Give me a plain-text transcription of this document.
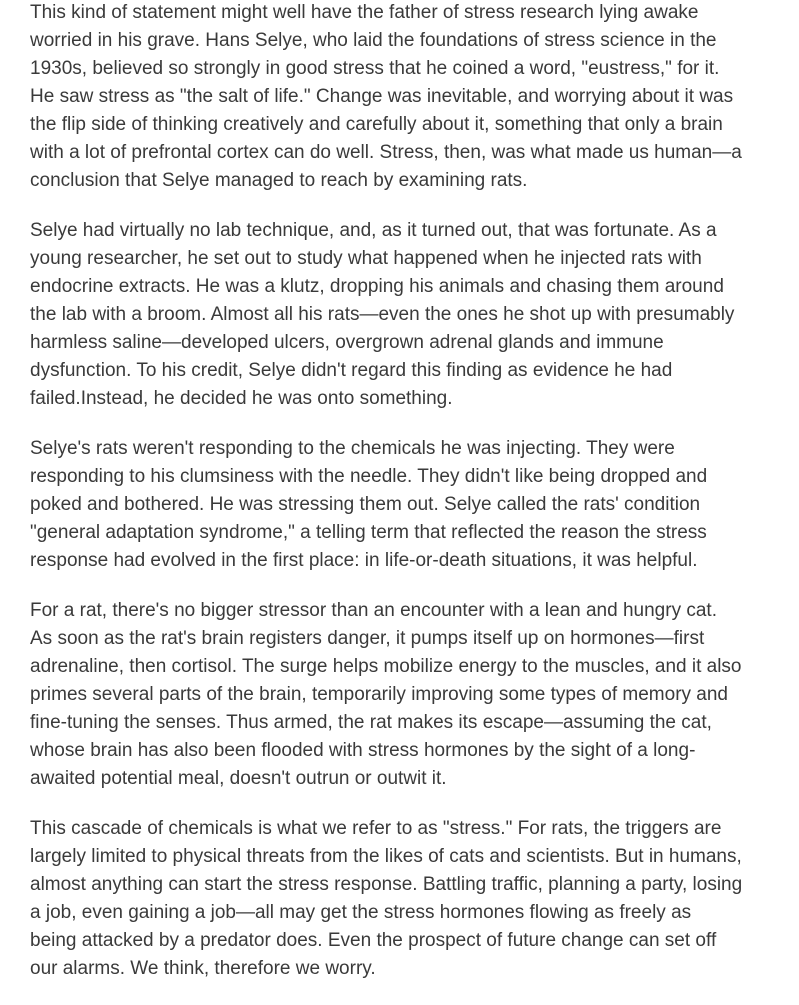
This kind of statement might well have the father of stress research lying awake
worried in his grave. Hans Selye, who laid the foundations of stress science in the
1930s, believed so strongly in good stress that he coined a word, "eustress," for it.
He saw stress as "the salt of life." Change was inevitable, and worrying about it was
the flip side of thinking creatively and carefully about it, something that only a brain
with a lot of prefrontal cortex can do well. Stress, then, was what made us human—a
conclusion that Selye managed to reach by examining rats.

Selye had virtually no lab technique, and, as it turned out, that was fortunate. As a
young researcher, he set out to study what happened when he injected rats with
endocrine extracts. He was a klutz, dropping his animals and chasing them around
the lab with a broom. Almost all his rats—even the ones he shot up with presumably
harmless saline—developed ulcers, overgrown adrenal glands and immune
dysfunction. To his credit, Selye didn't regard this finding as evidence he had
failed.Instead, he decided he was onto something.

Selye's rats weren't responding to the chemicals he was injecting. They were
responding to his clumsiness with the needle. They didn't like being dropped and
poked and bothered. He was stressing them out. Selye called the rats' condition
"general adaptation syndrome," a telling term that reflected the reason the stress
response had evolved in the first place: in life-or-death situations, it was helpful.

For a rat, there's no bigger stressor than an encounter with a lean and hungry cat.
As soon as the rat's brain registers danger, it pumps itself up on hormones—first
adrenaline, then cortisol. The surge helps mobilize energy to the muscles, and it also
primes several parts of the brain, temporarily improving some types of memory and
fine-tuning the senses. Thus armed, the rat makes its escape—assuming the cat,
whose brain has also been flooded with stress hormones by the sight of a long-
awaited potential meal, doesn't outrun or outwit it.

This cascade of chemicals is what we refer to as "stress." For rats, the triggers are
largely limited to physical threats from the likes of cats and scientists. But in humans,
almost anything can start the stress response. Battling traffic, planning a party, losing
a job, even gaining a job—all may get the stress hormones flowing as freely as
being attacked by a predator does. Even the prospect of future change can set off
our alarms. We think, therefore we worry.
